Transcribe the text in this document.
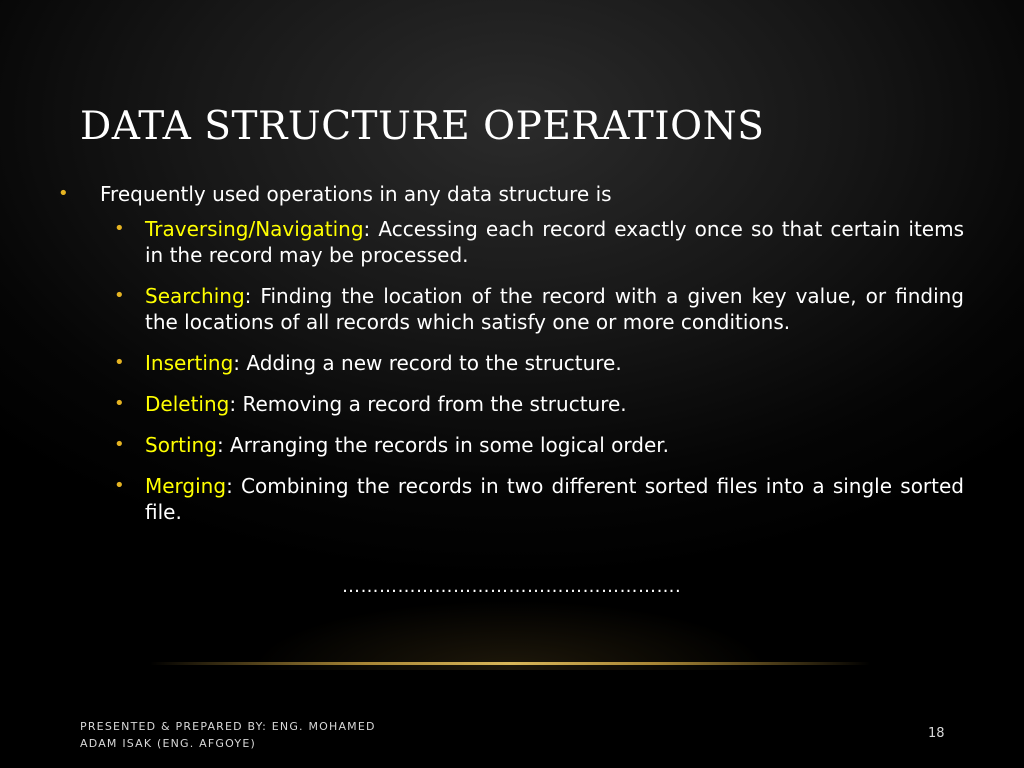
DATA STRUCTURE OPERATIONS
• Frequently used operations in any data structure is
• Traversing/Navigating: Accessing each record exactly once so that certain items in the record may be processed.
• Searching: Finding the location of the record with a given key value, or finding the locations of all records which satisfy one or more conditions.
• Inserting: Adding a new record to the structure.
• Deleting: Removing a record from the structure.
• Sorting: Arranging the records in some logical order.
• Merging: Combining the records in two different sorted files into a single sorted file.
……………………………………………….
PRESENTED & PREPARED BY: ENG. MOHAMED ADAM ISAK (ENG. AFGOYE)
18
